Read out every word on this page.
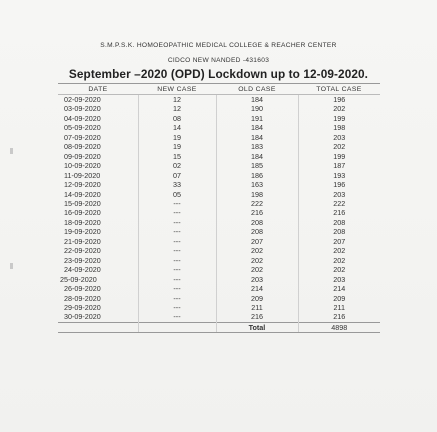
S.M.P.S.K. HOMOEOPATHIC MEDICAL COLLEGE & REACHER CENTER
CIDCO NEW NANDED -431603
September –2020 (OPD) Lockdown up to 12-09-2020.
DATE	NEW CASE	OLD CASE	TOTAL CASE
02-09-2020	12	184	196
03-09-2020	12	190	202
04-09-2020	08	191	199
05-09-2020	14	184	198
07-09-2020	19	184	203
08-09-2020	19	183	202
09-09-2020	15	184	199
10-09-2020	02	185	187
11-09-2020	07	186	193
12-09-2020	33	163	196
14-09-2020	05	198	203
15-09-2020	---	222	222
16-09-2020	---	216	216
18-09-2020	---	208	208
19-09-2020	---	208	208
21-09-2020	---	207	207
22-09-2020	---	202	202
23-09-2020	---	202	202
24-09-2020	---	202	202
25-09-2020	---	203	203
26-09-2020	---	214	214
28-09-2020	---	209	209
29-09-2020	---	211	211
30-09-2020	---	216	216
		Total	4898
